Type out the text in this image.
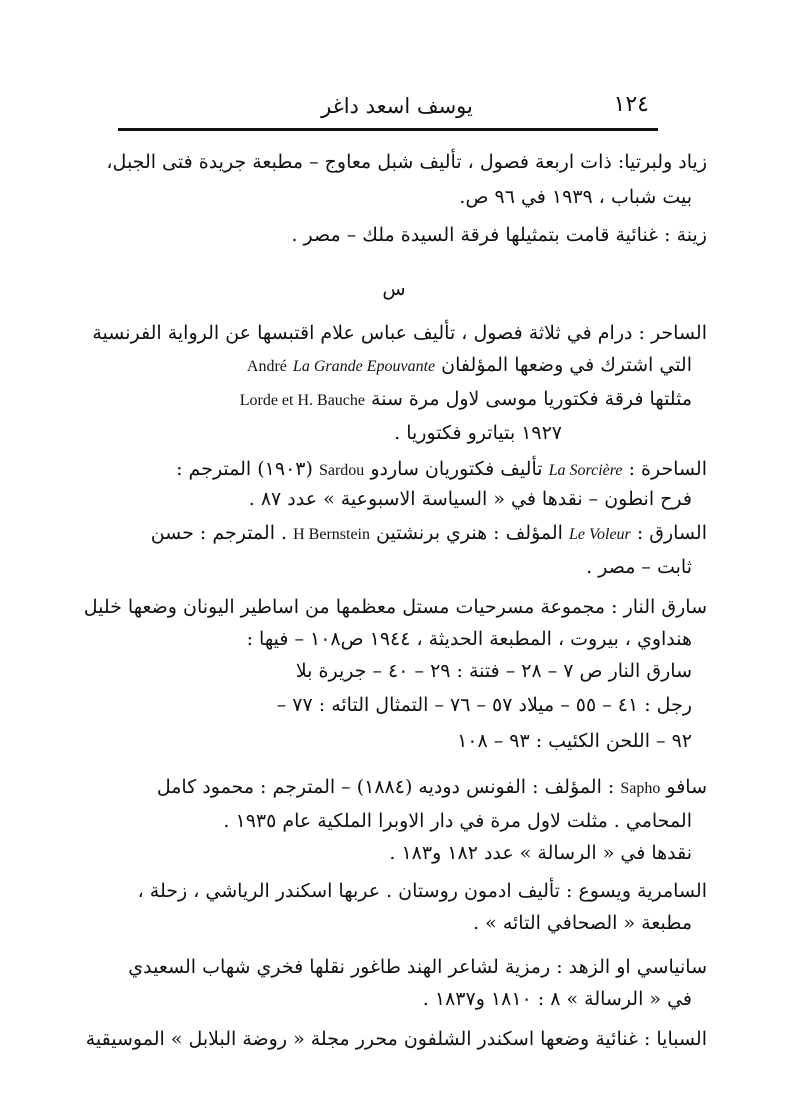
١٢٤
يوسف اسعد داغر
زياد ولبرتيا: ذات اربعة فصول ، تأليف شبل معاوج – مطبعة جريدة فتى الجبل،
بيت شباب ، ١٩٣٩ في ٩٦ ص.
زينة : غنائية قامت بتمثيلها فرقة السيدة ملك – مصر .
س
الساحر : درام في ثلاثة فصول ، تأليف عباس علام اقتبسها عن الرواية الفرنسية
التي اشترك في وضعها المؤلفان La Grande Epouvante André
مثلتها فرقة فكتوريا موسى لاول مرة سنة Lorde et H. Bauche
١٩٢٧ بتياترو فكتوريا .
الساحرة : La Sorcière تأليف فكتوريان ساردو Sardou (١٩٠٣) المترجم :
فرح انطون – نقدها في « السياسة الاسبوعية » عدد ٨٧ .
السارق : Le Voleur المؤلف : هنري برنشتين H Bernstein . المترجم : حسن
ثابت – مصر .
سارق النار : مجموعة مسرحيات مستل معظمها من اساطير اليونان وضعها خليل
هنداوي ، بيروت ، المطبعة الحديثة ، ١٩٤٤ ص١٠٨ – فيها :
سارق النار ص ٧ – ٢٨ – فتنة : ٢٩ – ٤٠ – جريرة بلا
رجل : ٤١ – ٥٥ – ميلاد ٥٧ – ٧٦ – التمثال التائه : ٧٧ –
٩٢ – اللحن الكئيب : ٩٣ – ١٠٨
سافو Sapho : المؤلف : الفونس دوديه (١٨٨٤) – المترجم : محمود كامل
المحامي . مثلت لاول مرة في دار الاوبرا الملكية عام ١٩٣٥ .
نقدها في « الرسالة » عدد ١٨٢ و١٨٣ .
السامرية ويسوع : تأليف ادمون روستان . عربها اسكندر الرياشي ، زحلة ،
مطبعة « الصحافي التائه » .
سانياسي او الزهد : رمزية لشاعر الهند طاغور نقلها فخري شهاب السعيدي
في « الرسالة » ٨ : ١٨١٠ و١٨٣٧ .
السبايا : غنائية وضعها اسكندر الشلفون محرر مجلة « روضة البلابل » الموسيقية
